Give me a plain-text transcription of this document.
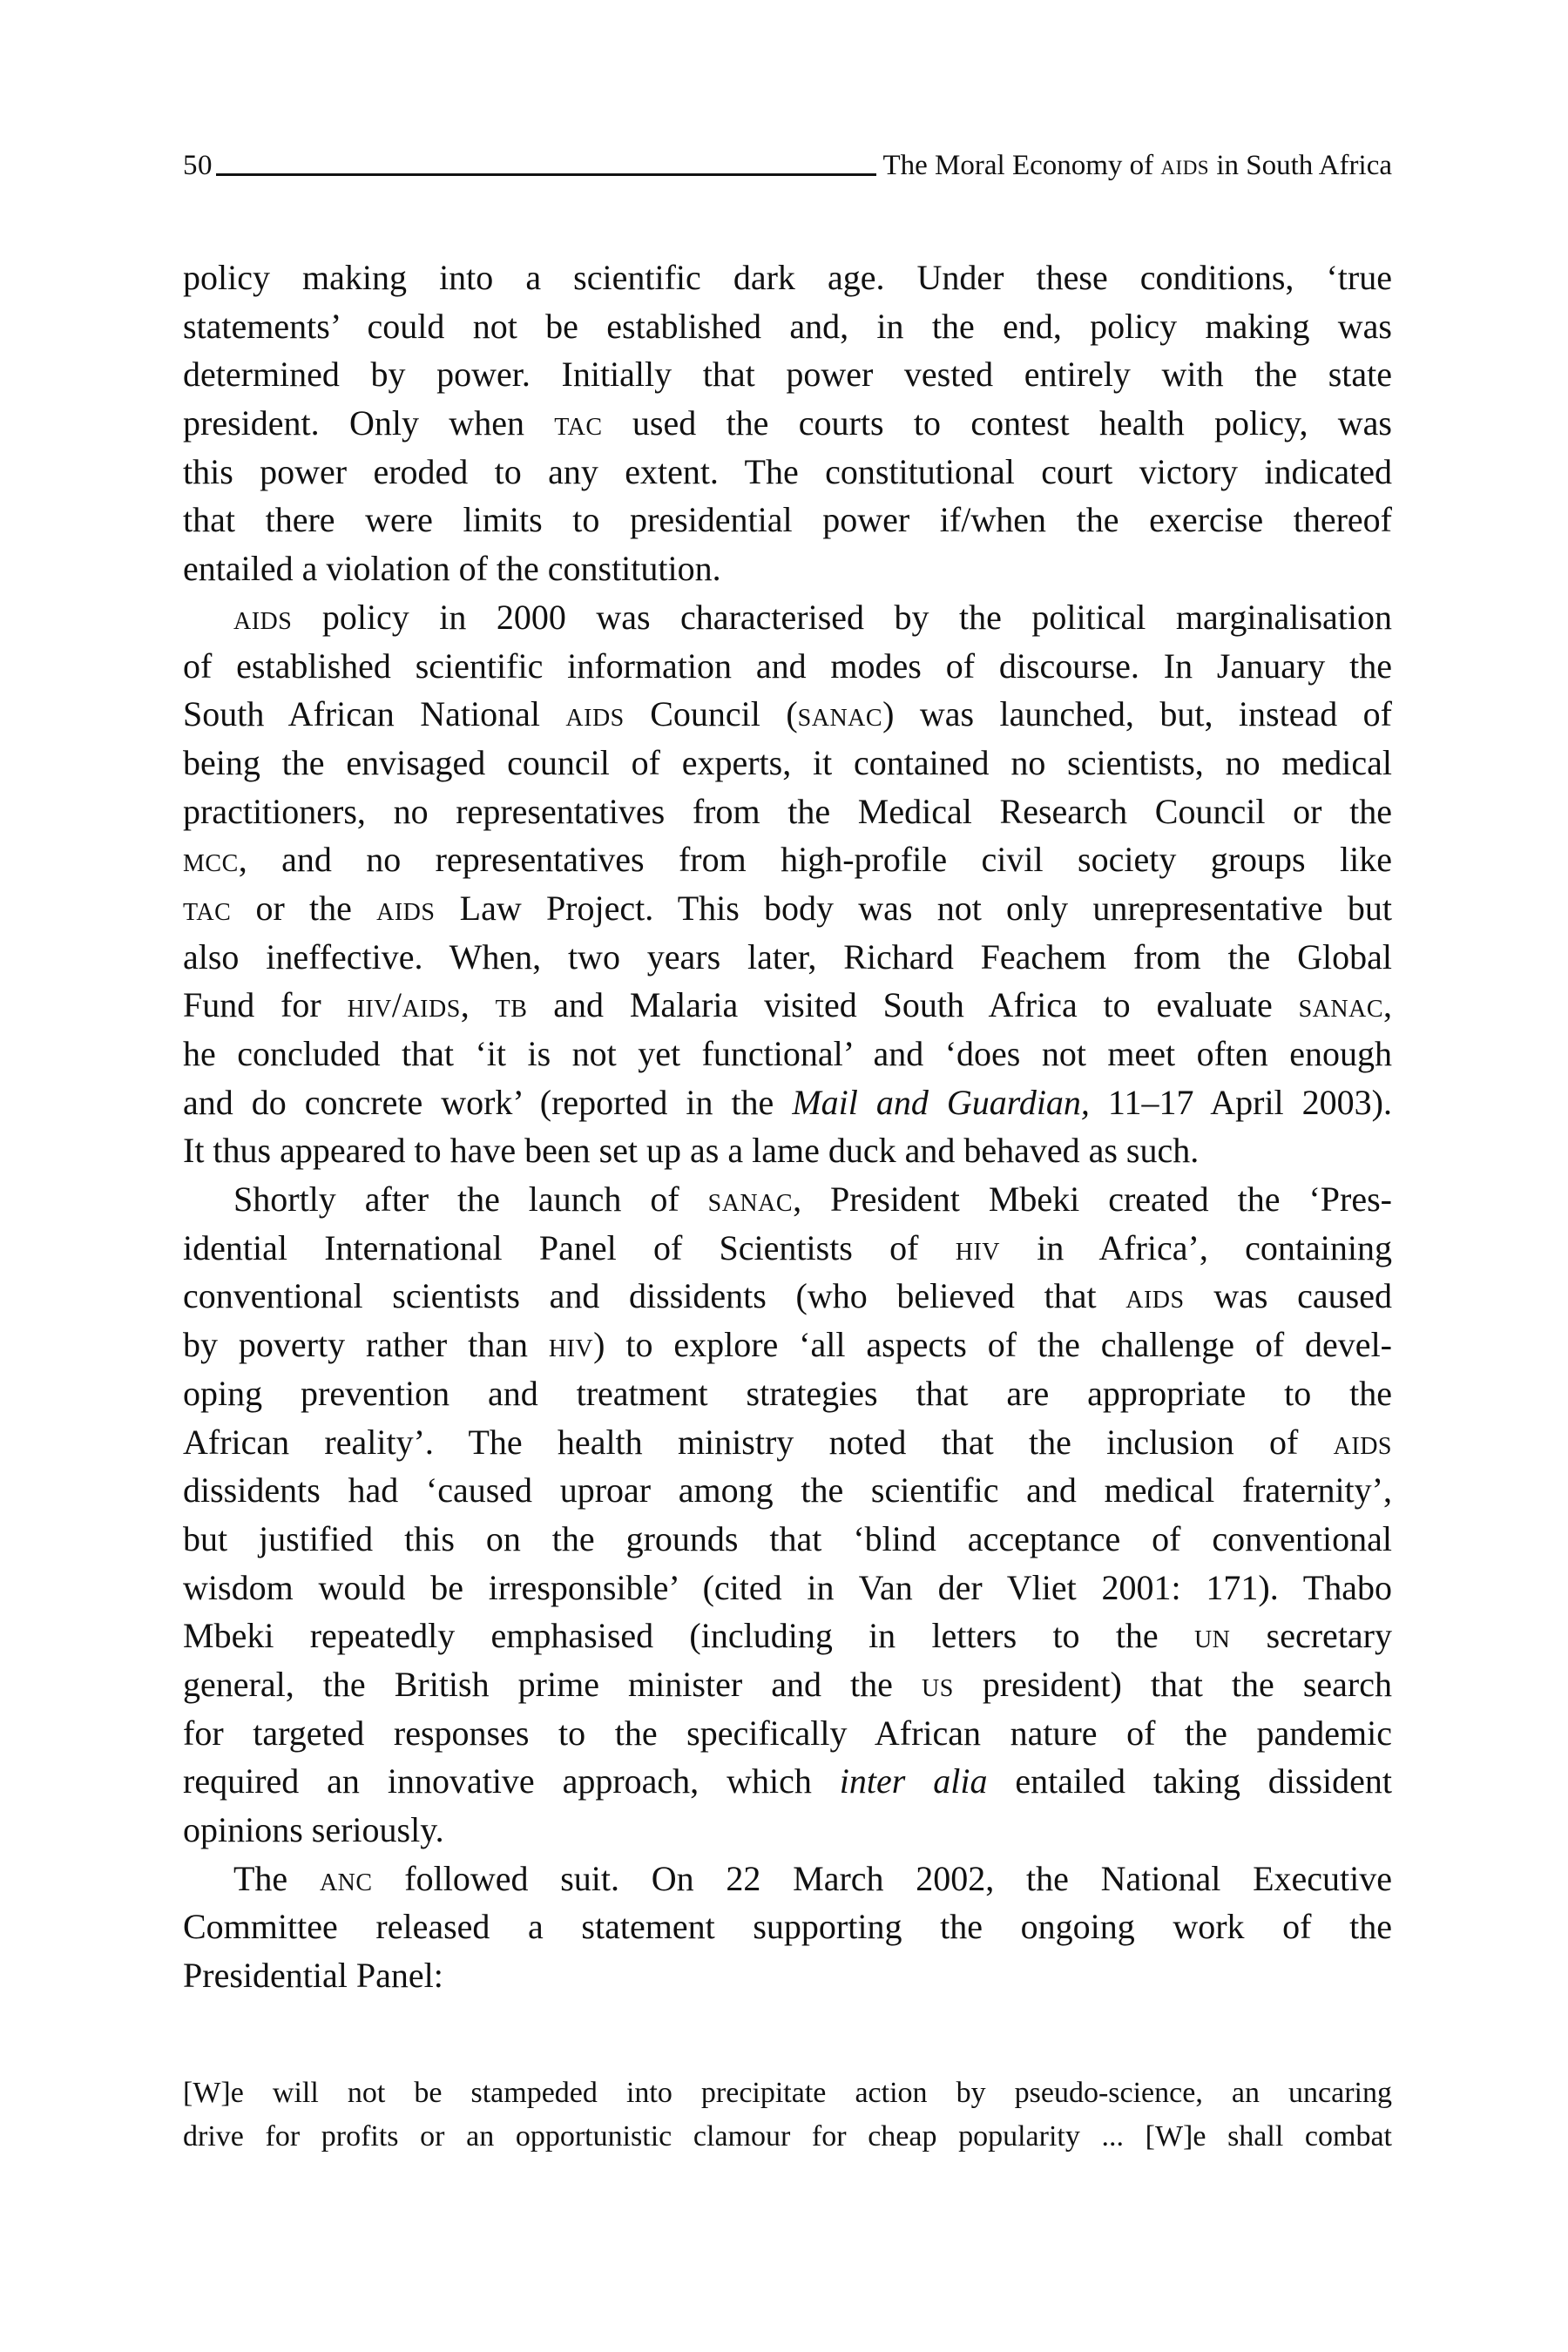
50	The Moral Economy of aids in South Africa
policy making into a scientific dark age. Under these conditions, ‘true
statements’ could not be established and, in the end, policy making was
determined by power. Initially that power vested entirely with the state
president. Only when tac used the courts to contest health policy, was
this power eroded to any extent. The constitutional court victory indicated
that there were limits to presidential power if/when the exercise thereof
entailed a violation of the constitution.
aids policy in 2000 was characterised by the political marginalisation
of established scientific information and modes of discourse. In January the
South African National aids Council (sanac) was launched, but, instead of
being the envisaged council of experts, it contained no scientists, no medical
practitioners, no representatives from the Medical Research Council or the
mcc, and no representatives from high-profile civil society groups like
tac or the aids Law Project. This body was not only unrepresentative but
also ineffective. When, two years later, Richard Feachem from the Global
Fund for hiv/aids, tb and Malaria visited South Africa to evaluate sanac,
he concluded that ‘it is not yet functional’ and ‘does not meet often enough
and do concrete work’ (reported in the Mail and Guardian, 11–17 April 2003).
It thus appeared to have been set up as a lame duck and behaved as such.
Shortly after the launch of sanac, President Mbeki created the ‘Pres-
idential International Panel of Scientists of hiv in Africa’, containing
conventional scientists and dissidents (who believed that aids was caused
by poverty rather than hiv) to explore ‘all aspects of the challenge of devel-
oping prevention and treatment strategies that are appropriate to the
African reality’. The health ministry noted that the inclusion of aids
dissidents had ‘caused uproar among the scientific and medical fraternity’,
but justified this on the grounds that ‘blind acceptance of conventional
wisdom would be irresponsible’ (cited in Van der Vliet 2001: 171). Thabo
Mbeki repeatedly emphasised (including in letters to the un secretary
general, the British prime minister and the us president) that the search
for targeted responses to the specifically African nature of the pandemic
required an innovative approach, which inter alia entailed taking dissident
opinions seriously.
The anc followed suit. On 22 March 2002, the National Executive
Committee released a statement supporting the ongoing work of the
Presidential Panel:
[W]e will not be stampeded into precipitate action by pseudo-science, an uncaring
drive for profits or an opportunistic clamour for cheap popularity ... [W]e shall combat
